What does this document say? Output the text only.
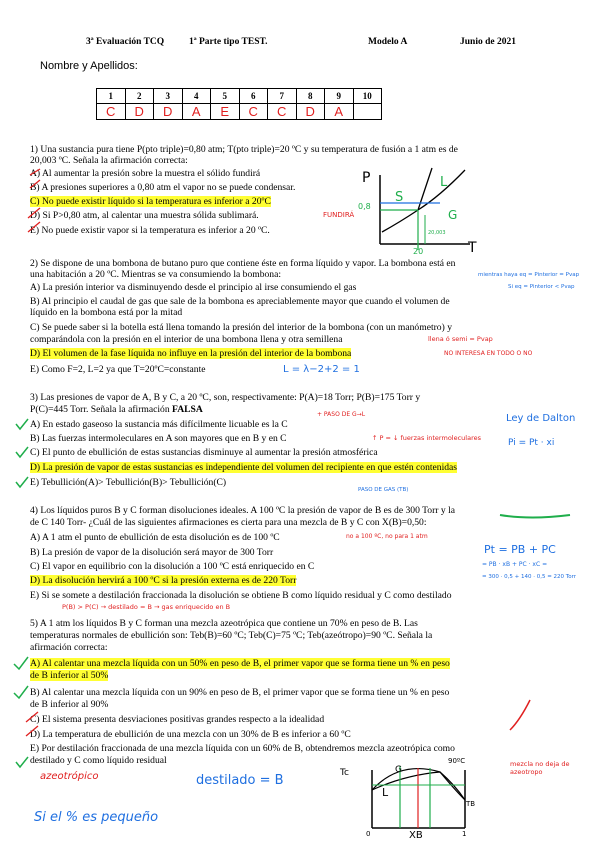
3ª Evaluación TCQ	1ª Parte tipo TEST.	Modelo A	Junio de 2021
Nombre y Apellidos:
1	2	3	4	5	6	7	8	9	10
C	D	D	A	E	C	C	D	A	
1) Una sustancia pura tiene P(pto triple)=0,80 atm; T(pto triple)=20 ºC y su temperatura de fusión a 1 atm es de
20,003 ºC. Señala la afirmación correcta:
A) Al aumentar la presión sobre la muestra el sólido fundirá
B) A presiones superiores a 0,80 atm el vapor no se puede condensar.
C) No puede existir líquido si la temperatura es inferior a 20ºC
D) Si P>0,80 atm, al calentar una muestra sólida sublimará.	FUNDIRÁ
E) No puede existir vapor si la temperatura es inferior a 20 ºC.
P
T
0,8
20
20,003
S
L
G
2) Se dispone de una bombona de butano puro que contiene éste en forma líquido y vapor. La bombona está en
una habitación a 20 ºC. Mientras se va consumiendo la bombona:	mientras haya eq = Pinterior = Pvap
A) La presión interior va disminuyendo desde el principio al irse consumiendo el gas	Si eq = Pinterior < Pvap
B) Al principio el caudal de gas que sale de la bombona es apreciablemente mayor que cuando el volumen de
líquido en la bombona está por la mitad
C) Se puede saber si la botella está llena tomando la presión del interior de la bombona (con un manómetro) y
comparándola con la presión en el interior de una bombona llena y otra semillena	llena ó semi = Pvap
D) El volumen de la fase líquida no influye en la presión del interior de la bombona	NO INTERESA EN TODO O NO
E) Como F=2, L=2 ya que T=20ºC=constante	L = λ−2+2 = 1
3) Las presiones de vapor de A, B y C, a 20 ºC, son, respectivamente: P(A)=18 Torr; P(B)=175 Torr y
P(C)=445 Torr. Señala la afirmación FALSA	+ PASO DE G→L	Ley de Dalton
A) En estado gaseoso la sustancia más difícilmente licuable es la C
B) Las fuerzas intermoleculares en A son mayores que en B y en C	↑ P = ↓ fuerzas intermoleculares	Pi = Pt · xi
C) El punto de ebullición de estas sustancias disminuye al aumentar la presión atmosférica
D) La presión de vapor de estas sustancias es independiente del volumen del recipiente en que estén contenidas
E) Tebullición(A)> Tebullición(B)> Tebullición(C)
PASO DE GAS (TB)
4) Los líquidos puros B y C forman disoluciones ideales. A 100 ºC la presión de vapor de B es de 300 Torr y la
de C 140 Torr- ¿Cuál de las siguientes afirmaciones es cierta para una mezcla de B y C con X(B)=0,50:
A) A 1 atm el punto de ebullición de esta disolución es de 100 ºC	no a 100 ºC, no para 1 atm
Pt = PB + PC
B) La presión de vapor de la disolución será mayor de 300 Torr
C) El vapor en equilibrio con la disolución a 100 ºC está enriquecido en C	= PB · xB + PC · xC =
D) La disolución hervirá a 100 ºC si la presión externa es de 220 Torr	= 300 · 0,5 + 140 · 0,5 = 220 Torr
E) Si se somete a destilación fraccionada la disolución se obtiene B como líquido residual y C como destilado
P(B) > P(C) → destilado = B → gas enriquecido en B
5) A 1 atm los líquidos B y C forman una mezcla azeotrópica que contiene un 70% en peso de B. Las
temperaturas normales de ebullición son: Teb(B)=60 ºC; Teb(C)=75 ºC; Teb(azeótropo)=90 ºC. Señala la
afirmación correcta:
A) Al calentar una mezcla líquida con un 50% en peso de B, el primer vapor que se forma tiene un % en peso
de B inferior al 50%
B) Al calentar una mezcla líquida con un 90% en peso de B, el primer vapor que se forma tiene un % en peso
de B inferior al 90%
C) El sistema presenta desviaciones positivas grandes respecto a la idealidad
D) La temperatura de ebullición de una mezcla con un 30% de B es inferior a 60 ºC
E) Por destilación fraccionada de una mezcla líquida con un 60% de B, obtendremos mezcla azeotrópica como
destilado y C como líquido residual
azeotrópico	destilado = B
Si el % es pequeño
Tc
XB
0	1
L
G
TB
90ºC	mezcla no deja de azeotropo
